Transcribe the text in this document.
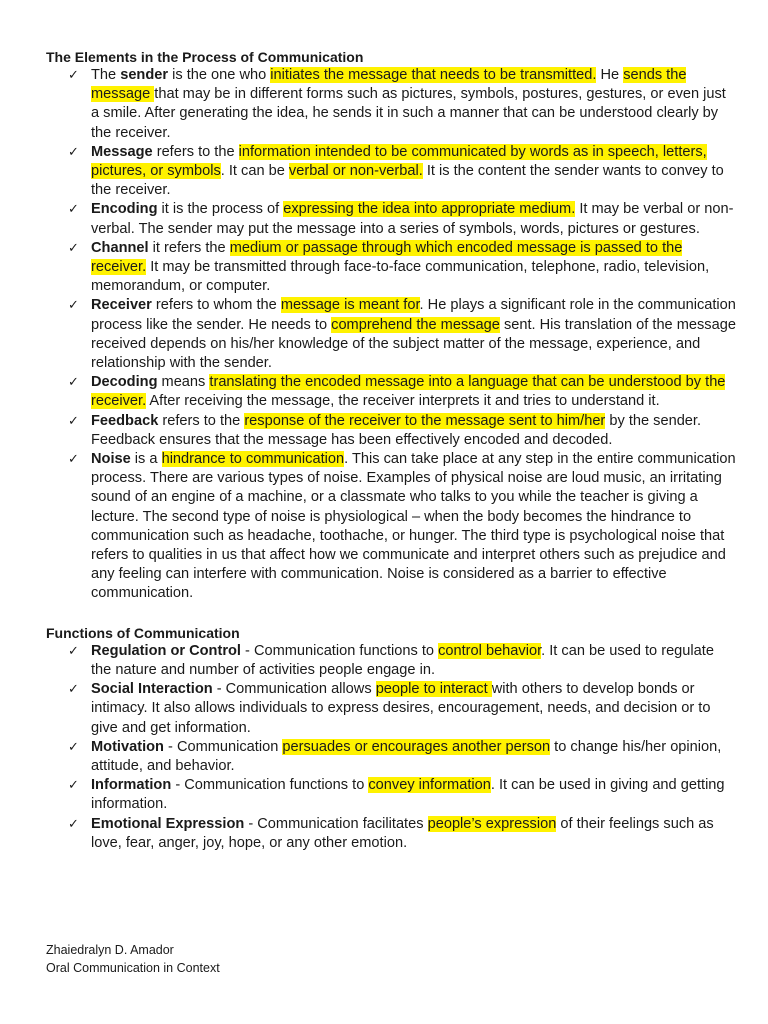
The Elements in the Process of Communication

✓ The sender is the one who initiates the message that needs to be transmitted. He sends the message that may be in different forms such as pictures, symbols, postures, gestures, or even just a smile. After generating the idea, he sends it in such a manner that can be understood clearly by the receiver.
✓ Message refers to the information intended to be communicated by words as in speech, letters, pictures, or symbols. It can be verbal or non-verbal. It is the content the sender wants to convey to the receiver.
✓ Encoding it is the process of expressing the idea into appropriate medium. It may be verbal or non-verbal. The sender may put the message into a series of symbols, words, pictures or gestures.
✓ Channel it refers the medium or passage through which encoded message is passed to the receiver. It may be transmitted through face-to-face communication, telephone, radio, television, memorandum, or computer.
✓ Receiver refers to whom the message is meant for. He plays a significant role in the communication process like the sender. He needs to comprehend the message sent. His translation of the message received depends on his/her knowledge of the subject matter of the message, experience, and relationship with the sender.
✓ Decoding means translating the encoded message into a language that can be understood by the receiver. After receiving the message, the receiver interprets it and tries to understand it.
✓ Feedback refers to the response of the receiver to the message sent to him/her by the sender. Feedback ensures that the message has been effectively encoded and decoded.
✓ Noise is a hindrance to communication. This can take place at any step in the entire communication process. There are various types of noise. Examples of physical noise are loud music, an irritating sound of an engine of a machine, or a classmate who talks to you while the teacher is giving a lecture. The second type of noise is physiological – when the body becomes the hindrance to communication such as headache, toothache, or hunger. The third type is psychological noise that refers to qualities in us that affect how we communicate and interpret others such as prejudice and any feeling can interfere with communication. Noise is considered as a barrier to effective communication.

Functions of Communication

✓ Regulation or Control - Communication functions to control behavior. It can be used to regulate the nature and number of activities people engage in.
✓ Social Interaction - Communication allows people to interact with others to develop bonds or intimacy. It also allows individuals to express desires, encouragement, needs, and decision or to give and get information.
✓ Motivation - Communication persuades or encourages another person to change his/her opinion, attitude, and behavior.
✓ Information - Communication functions to convey information. It can be used in giving and getting information.
✓ Emotional Expression - Communication facilitates people’s expression of their feelings such as love, fear, anger, joy, hope, or any other emotion.
Zhaiedralyn D. Amador
Oral Communication in Context
